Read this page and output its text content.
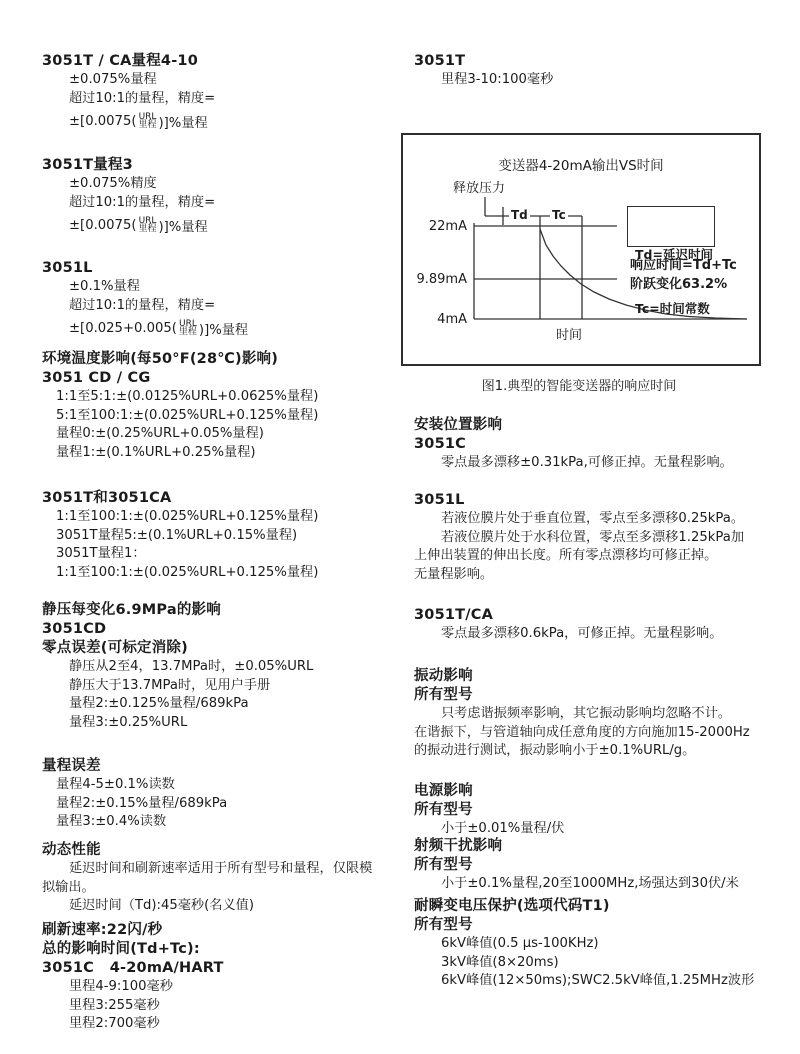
3051T / CA量程4-10
±0.075%量程
超过10:1的量程，精度=
±[0.0075( URL
里程 )]%量程
3051T量程3
±0.075%精度
超过10:1的量程，精度=
±[0.0075( URL
里程 )]%量程
3051L
±0.1%量程
超过10:1的量程，精度=
±[0.025+0.005( URL
里程 )]%量程
环境温度影响(每50°F(28℃)影响)
3051 CD / CG
1:1至5:1:±(0.0125%URL+0.0625%量程)
5:1至100:1:±(0.025%URL+0.125%量程)
量程0:±(0.25%URL+0.05%量程)
量程1:±(0.1%URL+0.25%量程)
3051T和3051CA
1:1至100:1:±(0.025%URL+0.125%量程)
3051T量程5:±(0.1%URL+0.15%量程)
3051T量程1：
1:1至100:1:±(0.025%URL+0.125%量程)
静压每变化6.9MPa的影响
3051CD
零点误差(可标定消除)
静压从2至4，13.7MPa时，±0.05%URL
静压大于13.7MPa时，见用户手册
量程2:±0.125%量程/689kPa
量程3:±0.25%URL
量程误差
量程4-5±0.1%读数
量程2:±0.15%量程/689kPa
量程3:±0.4%读数
动态性能
延迟时间和刷新速率适用于所有型号和量程，仅限模
拟输出。
延迟时间（Td):45毫秒(名义值)
刷新速率:22闪/秒
总的影响时间(Td+Tc):
3051C   4-20mA/HART
里程4-9:100毫秒
里程3:255毫秒
里程2:700毫秒
3051T
里程3-10:100毫秒
安装位置影响
3051C
零点最多漂移±0.31kPa,可修正掉。无量程影响。
3051L
若液位膜片处于垂直位置，零点至多漂移0.25kPa。
若液位膜片处于水科位置，零点至多漂移1.25kPa加
上伸出装置的伸出长度。所有零点漂移均可修正掉。
无量程影响。
3051T/CA
零点最多漂移0.6kPa，可修正掉。无量程影响。
振动影响
所有型号
只考虑谐振频率影响，其它振动影响均忽略不计。
在谐振下，与管道轴向成任意角度的方向施加15-2000Hz
的振动进行测试，振动影响小于±0.1%URL/g。
电源影响
所有型号
小于±0.01%量程/伏
射频干扰影响
所有型号
小于±0.1%量程,20至1000MHz,场强达到30伏/米
耐瞬变电压保护(选项代码T1)
所有型号
6kV峰值(0.5 μs-100KHz)
3kV峰值(8×20ms)
6kV峰值(12×50ms);SWC2.5kV峰值,1.25MHz波形
变送器4-20mA输出VS时间
释放压力
Td Tc
22mA
9.89mA
4mA

Td=延迟时间

Tc=时间常数

响应时间=Td+Tc
阶跃变化63.2%
时间
图1.典型的智能变送器的响应时间
